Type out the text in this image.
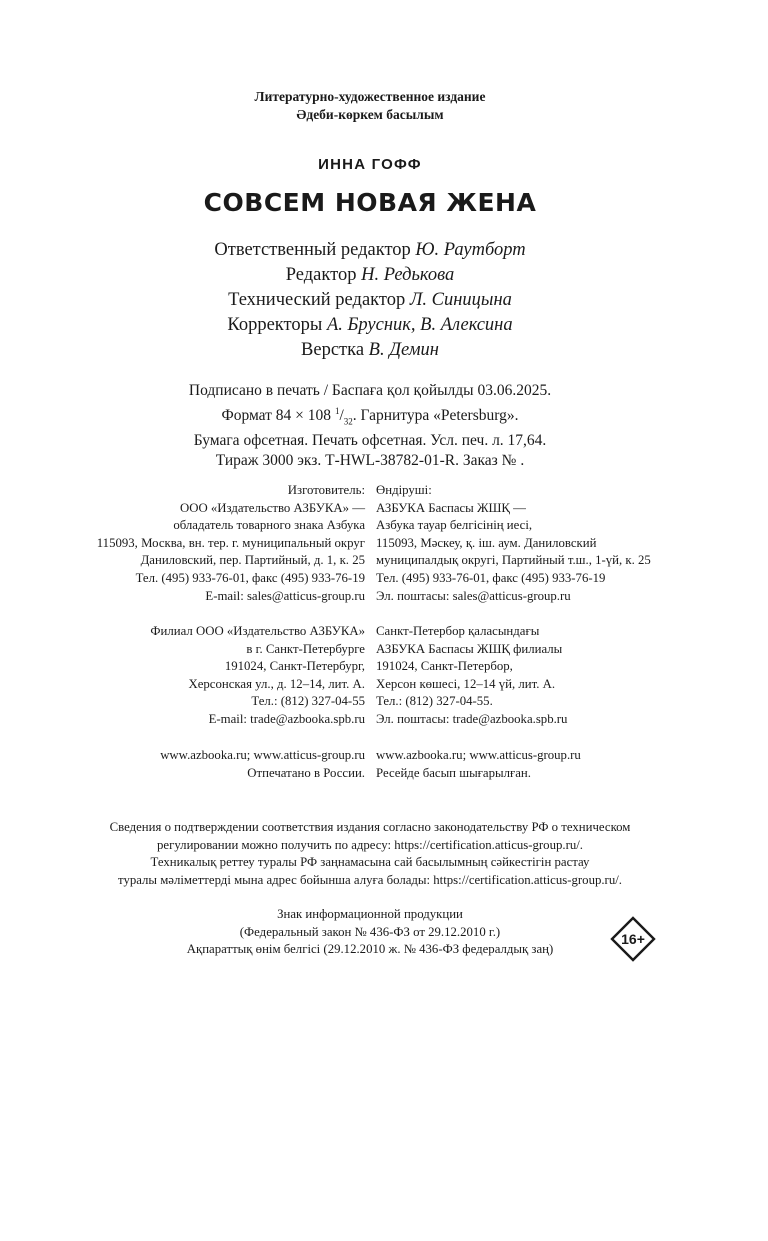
Литературно-художественное издание
Әдеби-көркем басылым
ИННА ГОФФ
СОВСЕМ НОВАЯ ЖЕНА
Ответственный редактор Ю. Раутборт
Редактор Н. Редькова
Технический редактор Л. Синицына
Корректоры А. Брусник, В. Алексина
Верстка В. Демин
Подписано в печать / Баспаға қол қойылды 03.06.2025.
Формат 84 × 108 $^1/_{32}$. Гарнитура «Petersburg».
Бумага офсетная. Печать офсетная. Усл. печ. л. 17,64.
Тираж 3000 экз. Т-HWL-38782-01-R. Заказ № .
Изготовитель:
ООО «Издательство АЗБУКА» —
обладатель товарного знака Азбука
115093, Москва, вн. тер. г. муниципальный округ
Даниловский, пер. Партийный, д. 1, к. 25
Тел. (495) 933-76-01, факс (495) 933-76-19
E-mail: sales@atticus-group.ru
Өндіруші:
АЗБУКА Баспасы ЖШҚ —
Азбука тауар белгісінің иесі,
115093, Мәскеу, қ. іш. аум. Даниловский
муниципалдық округі, Партийный т.ш., 1-үй, к. 25
Тел. (495) 933-76-01, факс (495) 933-76-19
Эл. поштасы: sales@atticus-group.ru
Филиал ООО «Издательство АЗБУКА»
в г. Санкт-Петербурге
191024, Санкт-Петербург,
Херсонская ул., д. 12–14, лит. А.
Тел.: (812) 327-04-55
E-mail: trade@azbooka.spb.ru
Санкт-Петербор қаласындағы
АЗБУКА Баспасы ЖШҚ филиалы
191024, Санкт-Петербор,
Херсон көшесі, 12–14 үй, лит. А.
Тел.: (812) 327-04-55.
Эл. поштасы: trade@azbooka.spb.ru
www.azbooka.ru; www.atticus-group.ru
Отпечатано в России.
www.azbooka.ru; www.atticus-group.ru
Ресейде басып шығарылған.
Сведения о подтверждении соответствия издания согласно законодательству РФ о техническом
регулировании можно получить по адресу: https://certification.atticus-group.ru/.
Техникалық реттеу туралы РФ заңнамасына сай басылымның сәйкестігін растау
туралы мәліметтерді мына адрес бойынша алуға болады: https://certification.atticus-group.ru/.
Знак информационной продукции
(Федеральный закон № 436-ФЗ от 29.12.2010 г.)
Ақпараттық өнім белгісі (29.12.2010 ж. № 436-ФЗ федералдық заң)
16+
